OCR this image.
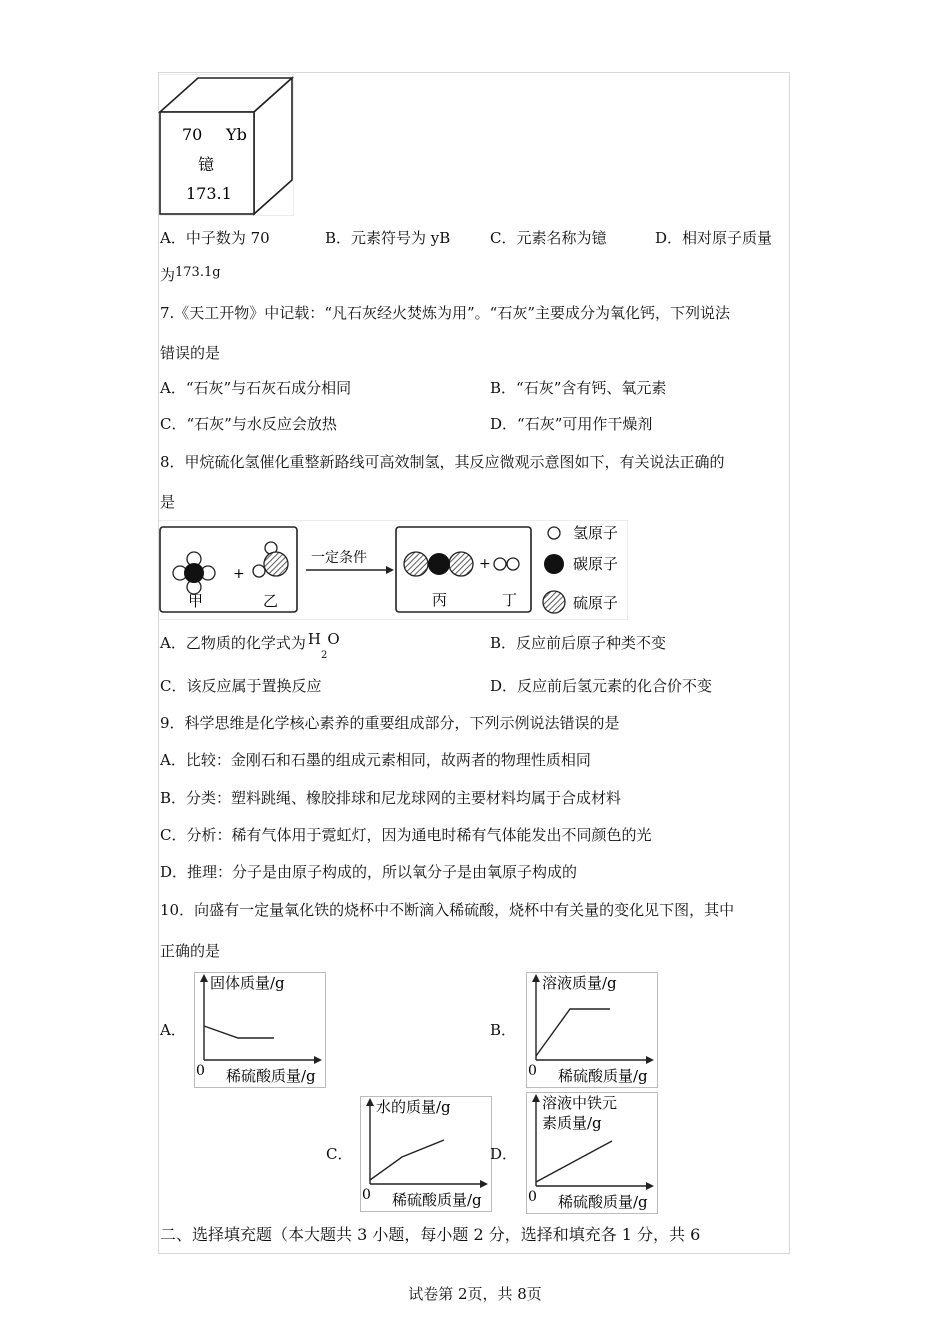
70 Yb
镱
173.1
A．中子数为 70	B．元素符号为 yB	C．元素名称为镱	D．相对原子质量
为173.1g
7.《天工开物》中记载：“凡石灰经火焚炼为用”。“石灰”主要成分为氧化钙，下列说法
错误的是
A．“石灰”与石灰石成分相同	B．“石灰”含有钙、氧元素
C．“石灰”与水反应会放热	D．“石灰”可用作干燥剂
8．甲烷硫化氢催化重整新路线可高效制氢，其反应微观示意图如下，有关说法正确的
是
+
甲	乙
一定条件	+
丙	丁
氢原子
碳原子
硫原子
A．乙物质的化学式为 $H_2O$	B．反应前后原子种类不变
C．该反应属于置换反应	D．反应前后氢元素的化合价不变
9．科学思维是化学核心素养的重要组成部分，下列示例说法错误的是
A．比较：金刚石和石墨的组成元素相同，故两者的物理性质相同
B．分类：塑料跳绳、橡胶排球和尼龙球网的主要材料均属于合成材料
C．分析：稀有气体用于霓虹灯，因为通电时稀有气体能发出不同颜色的光
D．推理：分子是由原子构成的，所以氧分子是由氧原子构成的
10．向盛有一定量氧化铁的烧杯中不断滴入稀硫酸，烧杯中有关量的变化见下图，其中
正确的是
A．
固体质量/g
0 稀硫酸质量/g
B．
溶液质量/g
0 稀硫酸质量/g
C．
水的质量/g
0 稀硫酸质量/g
D．
溶液中铁元
素质量/g
0 稀硫酸质量/g
二、选择填充题（本大题共 3 小题，每小题 2 分，选择和填充各 1 分，共 6
试卷第 2页，共 8页
